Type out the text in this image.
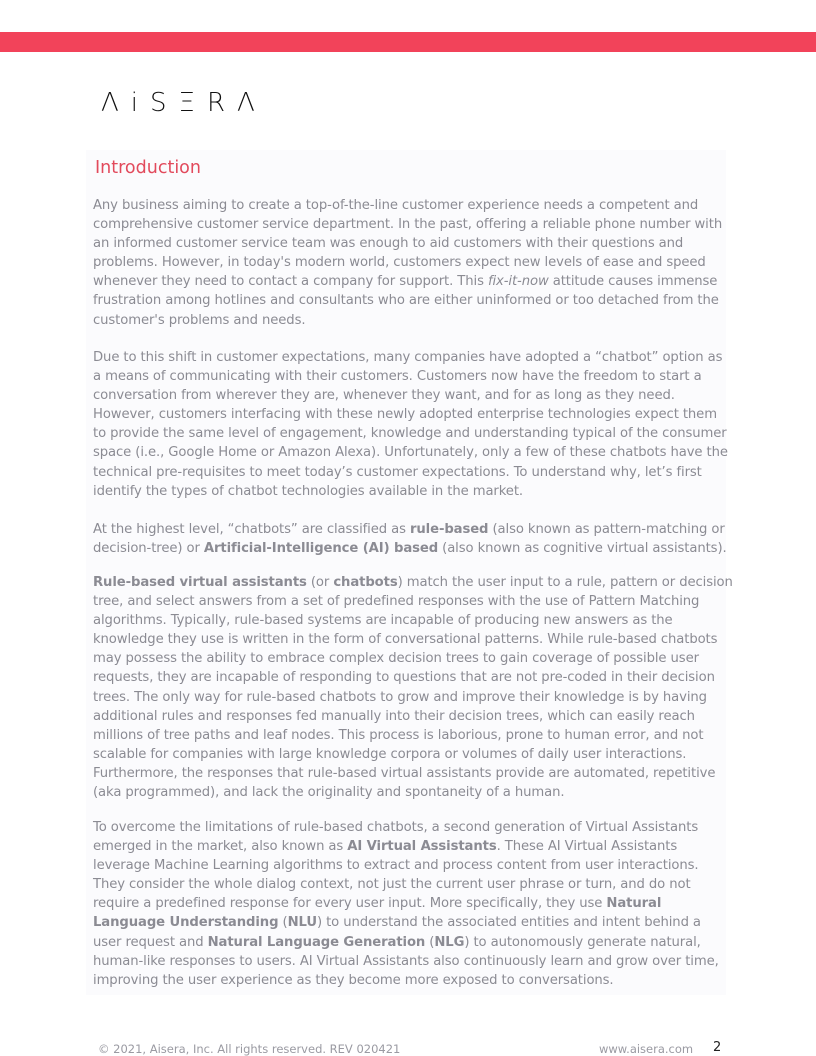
ΛiSΞRΛ
Introduction

Any business aiming to create a top-of-the-line customer experience needs a competent and comprehensive customer service department. In the past, offering a reliable phone number with an informed customer service team was enough to aid customers with their questions and problems. However, in today's modern world, customers expect new levels of ease and speed whenever they need to contact a company for support. This fix-it-now attitude causes immense frustration among hotlines and consultants who are either uninformed or too detached from the customer's problems and needs.

Due to this shift in customer expectations, many companies have adopted a “chatbot” option as a means of communicating with their customers. Customers now have the freedom to start a conversation from wherever they are, whenever they want, and for as long as they need. However, customers interfacing with these newly adopted enterprise technologies expect them to provide the same level of engagement, knowledge and understanding typical of the consumer space (i.e., Google Home or Amazon Alexa). Unfortunately, only a few of these chatbots have the technical pre-requisites to meet today’s customer expectations. To understand why, let’s first identify the types of chatbot technologies available in the market.

At the highest level, “chatbots” are classified as rule-based (also known as pattern-matching or decision-tree) or Artificial-Intelligence (AI) based (also known as cognitive virtual assistants).

Rule-based virtual assistants (or chatbots) match the user input to a rule, pattern or decision tree, and select answers from a set of predefined responses with the use of Pattern Matching algorithms. Typically, rule-based systems are incapable of producing new answers as the knowledge they use is written in the form of conversational patterns. While rule-based chatbots may possess the ability to embrace complex decision trees to gain coverage of possible user requests, they are incapable of responding to questions that are not pre-coded in their decision trees. The only way for rule-based chatbots to grow and improve their knowledge is by having additional rules and responses fed manually into their decision trees, which can easily reach millions of tree paths and leaf nodes. This process is laborious, prone to human error, and not scalable for companies with large knowledge corpora or volumes of daily user interactions. Furthermore, the responses that rule-based virtual assistants provide are automated, repetitive (aka programmed), and lack the originality and spontaneity of a human.

To overcome the limitations of rule-based chatbots, a second generation of Virtual Assistants emerged in the market, also known as AI Virtual Assistants. These AI Virtual Assistants leverage Machine Learning algorithms to extract and process content from user interactions. They consider the whole dialog context, not just the current user phrase or turn, and do not require a predefined response for every user input. More specifically, they use Natural Language Understanding (NLU) to understand the associated entities and intent behind a user request and Natural Language Generation (NLG) to autonomously generate natural, human-like responses to users. AI Virtual Assistants also continuously learn and grow over time, improving the user experience as they become more exposed to conversations.

© 2021, Aisera, Inc. All rights reserved. REV 020421	www.aisera.com 2
